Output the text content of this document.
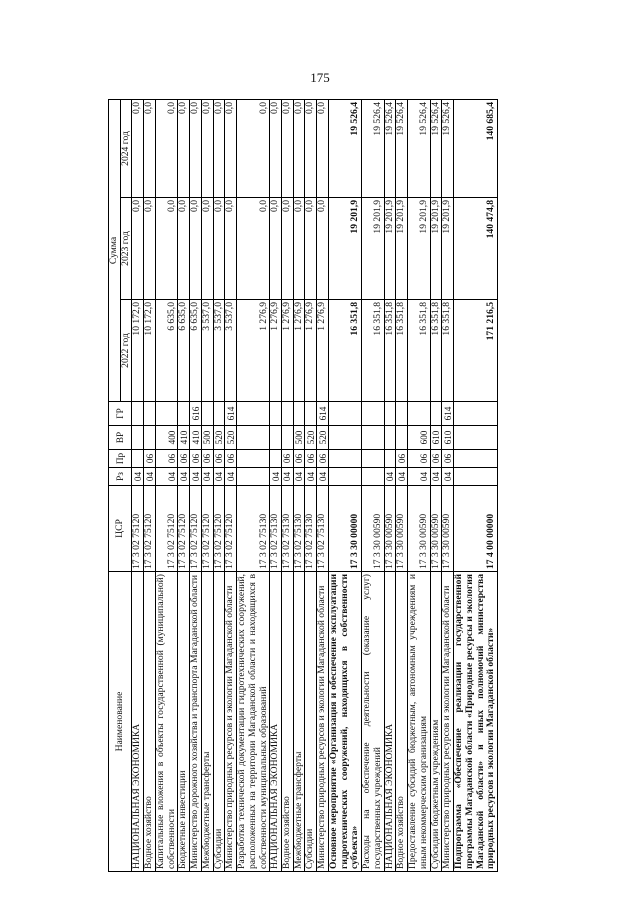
175
Наименование	ЦСР	Рз	Пр	ВР	ГР	Сумма		
						2022 год	2023 год	2024 год
НАЦИОНАЛЬНАЯ ЭКОНОМИКА	17 3 02 75120	04				10 172,0	0,0	0,0
Водное хозяйство	17 3 02 75120	04	06			10 172,0	0,0	0,0
Капитальные вложения в объекты государственной (муниципальной) собственности	17 3 02 75120	04	06	400		6 635,0	0,0	0,0
Бюджетные инвестиции	17 3 02 75120	04	06	410		6 635,0	0,0	0,0
Министерство дорожного хозяйства и транспорта Магаданской области	17 3 02 75120	04	06	410	616	6 635,0	0,0	0,0
Межбюджетные трансферты	17 3 02 75120	04	06	500		3 537,0	0,0	0,0
Субсидии	17 3 02 75120	04	06	520		3 537,0	0,0	0,0
Министерство природных ресурсов и экологии Магаданской области	17 3 02 75120	04	06	520	614	3 537,0	0,0	0,0
Разработка технической документации гидротехнических сооружений, расположенных на территории Магаданской области и находящихся в собственности муниципальных образований	17 3 02 75130					1 276,9	0,0	0,0
НАЦИОНАЛЬНАЯ ЭКОНОМИКА	17 3 02 75130	04				1 276,9	0,0	0,0
Водное хозяйство	17 3 02 75130	04	06			1 276,9	0,0	0,0
Межбюджетные трансферты	17 3 02 75130	04	06	500		1 276,9	0,0	0,0
Субсидии	17 3 02 75130	04	06	520		1 276,9	0,0	0,0
Министерство природных ресурсов и экологии Магаданской области	17 3 02 75130	04	06	520	614	1 276,9	0,0	0,0
Основное мероприятие «Организация и обеспечение эксплуатации гидротехнических сооружений, находящихся в собственности субъекта»	17 3 30 00000					16 351,8	19 201,9	19 526,4
Расходы на обеспечение деятельности (оказание услуг) государственных учреждений	17 3 30 00590					16 351,8	19 201,9	19 526,4
НАЦИОНАЛЬНАЯ ЭКОНОМИКА	17 3 30 00590	04				16 351,8	19 201,9	19 526,4
Водное хозяйство	17 3 30 00590	04	06			16 351,8	19 201,9	19 526,4
Предоставление субсидий бюджетным, автономным учреждениям и иным некоммерческим организациям	17 3 30 00590	04	06	600		16 351,8	19 201,9	19 526,4
Субсидии бюджетным учреждениям	17 3 30 00590	04	06	610		16 351,8	19 201,9	19 526,4
Министерство природных ресурсов и экологии Магаданской области	17 3 30 00590	04	06	610	614	16 351,8	19 201,9	19 526,4
Подпрограмма «Обеспечение реализации государственной программы Магаданской области «Природные ресурсы и экология Магаданской области» и иных полномочий министерства природных ресурсов и экологии Магаданской области»	17 4 00 00000					171 216,5	140 474,8	140 685,4
